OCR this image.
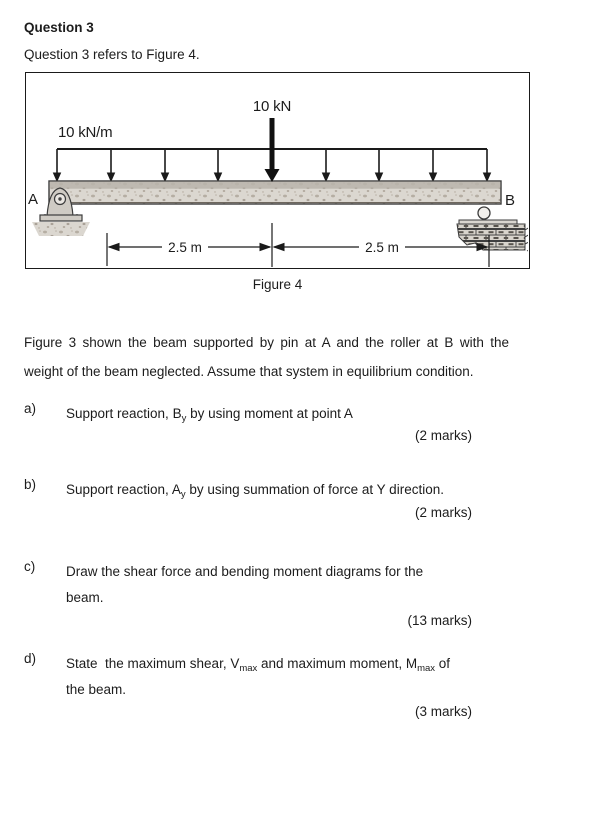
Question 3
Question 3 refers to Figure 4.
10 kN
10 kN/m
A	B
2.5 m	2.5 m
Figure 4
Figure 3 shown the beam supported by pin at A and the roller at B with the
weight of the beam neglected. Assume that system in equilibrium condition.
a) Support reaction, $B_y$ by using moment at point A
(2 marks)
b) Support reaction, $A_y$ by using summation of force at Y direction.
(2 marks)
c) Draw the shear force and bending moment diagrams for the
beam.
(13 marks)
d) State  the maximum shear, $V_{max}$ and maximum moment, $M_{max}$ of
the beam.
(3 marks)
